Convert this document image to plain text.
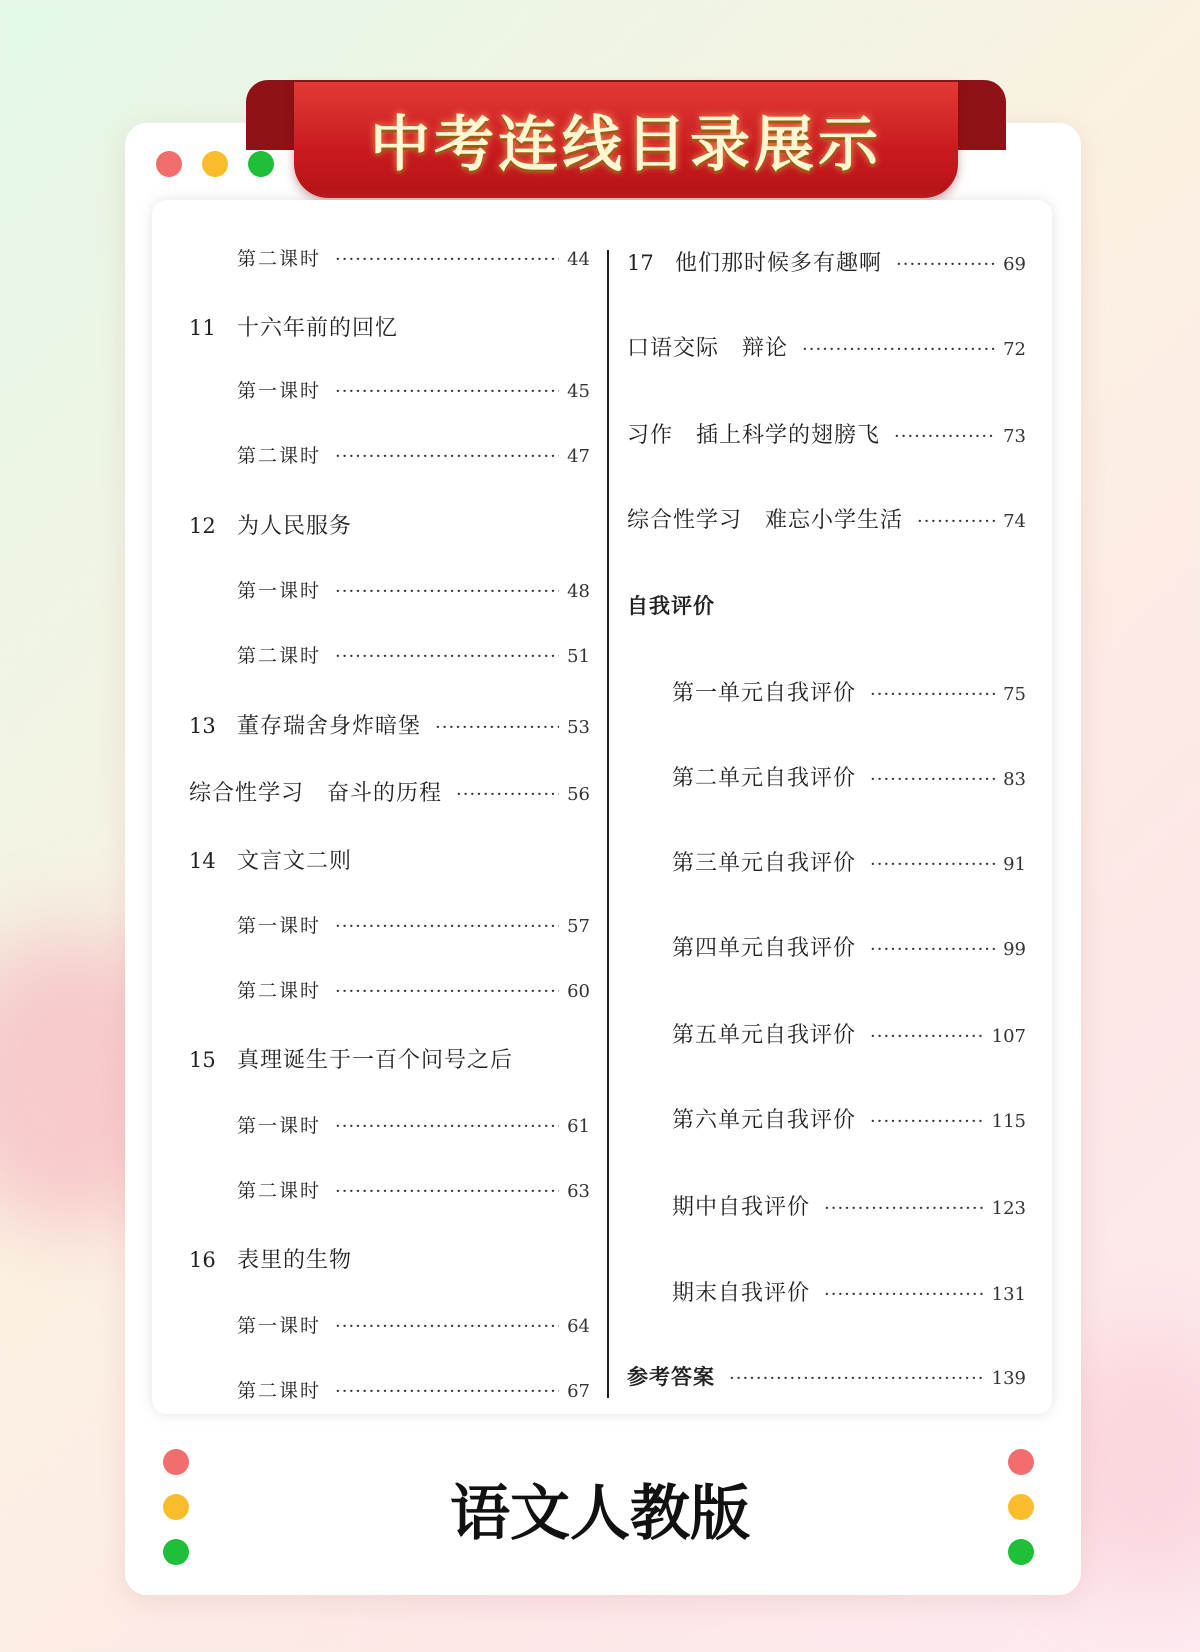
中考连线目录展示
第二课时 ·····	44
11 十六年前的回忆
第一课时 ·····	45
第二课时 ·····	47
12 为人民服务
第一课时 ·····	48
第二课时 ·····	51
13 董存瑞舍身炸暗堡 ·····	53
综合性学习　奋斗的历程 ·····	56
14 文言文二则
第一课时 ·····	57
第二课时 ·····	60
15 真理诞生于一百个问号之后
第一课时 ·····	61
第二课时 ·····	63
16 表里的生物
第一课时 ·····	64
第二课时 ·····	67
17 他们那时候多有趣啊 ·····	69
口语交际　辩论 ·····	72
习作　插上科学的翅膀飞 ·····	73
综合性学习　难忘小学生活 ·····	74
自我评价
第一单元自我评价 ·····	75
第二单元自我评价 ·····	83
第三单元自我评价 ·····	91
第四单元自我评价 ·····	99
第五单元自我评价 ·····	107
第六单元自我评价 ·····	115
期中自我评价 ·····	123
期末自我评价 ·····	131
参考答案 ·····	139
语文人教版
